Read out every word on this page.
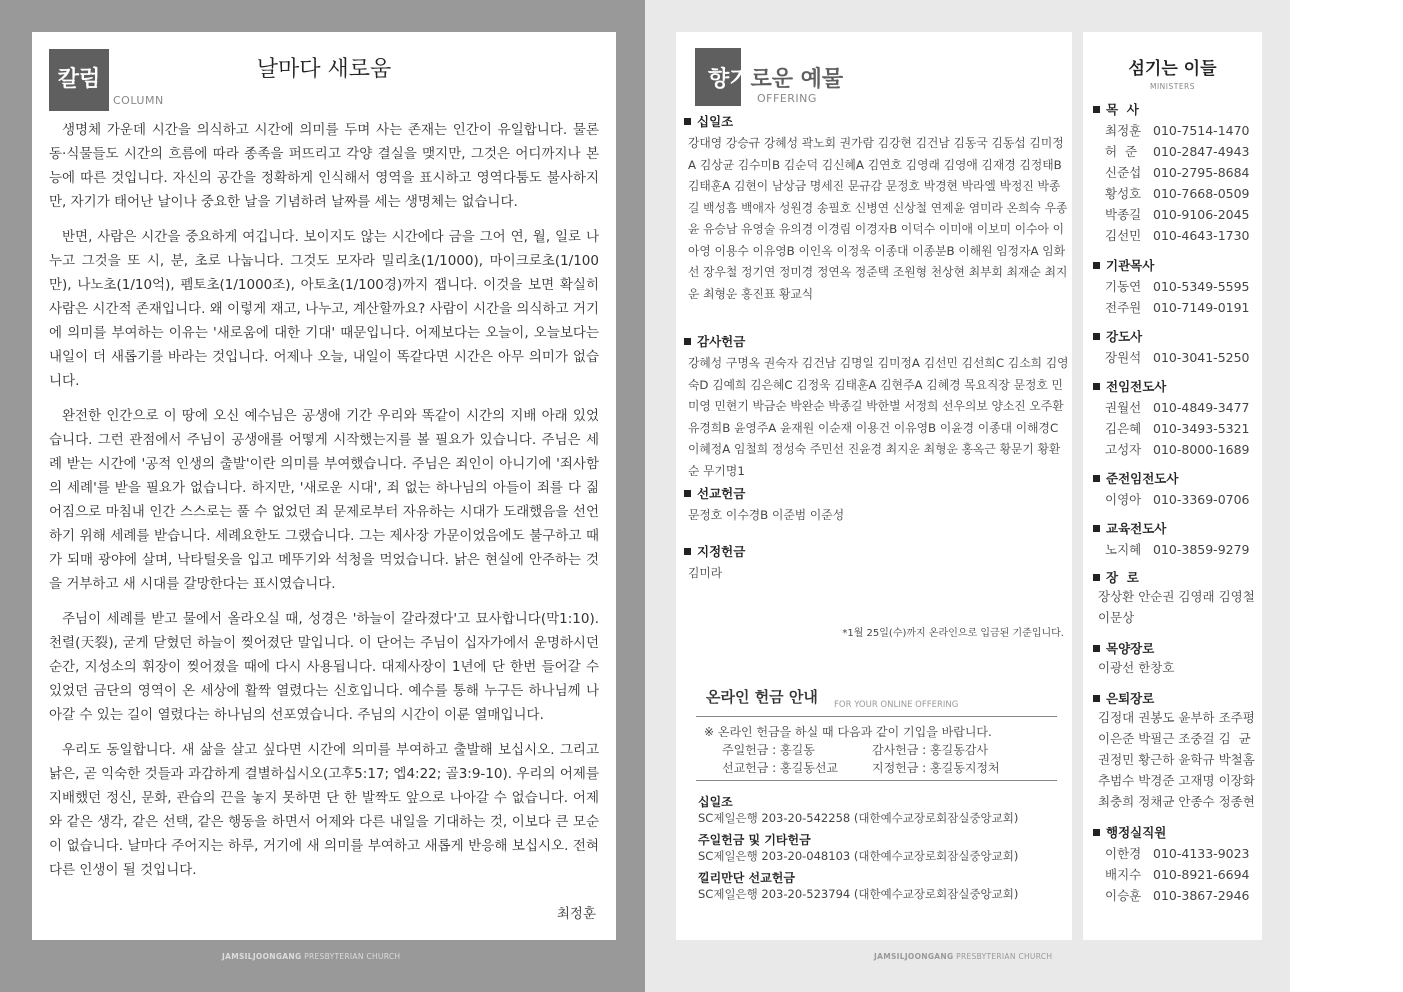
칼럼
COLUMN
날마다 새로움

생명체 가운데 시간을 의식하고 시간에 의미를 두며 사는 존재는 인간이 유일합니다. 물론 동·식물들도 시간의 흐름에 따라 종족을 퍼뜨리고 각양 결실을 맺지만, 그것은 어디까지나 본능에 따른 것입니다. 자신의 공간을 정확하게 인식해서 영역을 표시하고 영역다툼도 불사하지만, 자기가 태어난 날이나 중요한 날을 기념하려 날짜를 세는 생명체는 없습니다.

반면, 사람은 시간을 중요하게 여깁니다. 보이지도 않는 시간에다 금을 그어 연, 월, 일로 나누고 그것을 또 시, 분, 초로 나눕니다. 그것도 모자라 밀리초(1/1000), 마이크로초(1/100만), 나노초(1/10억), 펨토초(1/1000조), 아토초(1/100경)까지 잽니다. 이것을 보면 확실히 사람은 시간적 존재입니다. 왜 이렇게 재고, 나누고, 계산할까요? 사람이 시간을 의식하고 거기에 의미를 부여하는 이유는 '새로움에 대한 기대' 때문입니다. 어제보다는 오늘이, 오늘보다는 내일이 더 새롭기를 바라는 것입니다. 어제나 오늘, 내일이 똑같다면 시간은 아무 의미가 없습니다.

완전한 인간으로 이 땅에 오신 예수님은 공생애 기간 우리와 똑같이 시간의 지배 아래 있었습니다. 그런 관점에서 주님이 공생애를 어떻게 시작했는지를 볼 필요가 있습니다. 주님은 세례 받는 시간에 '공적 인생의 출발'이란 의미를 부여했습니다. 주님은 죄인이 아니기에 '죄사함의 세례'를 받을 필요가 없습니다. 하지만, '새로운 시대', 죄 없는 하나님의 아들이 죄를 다 짊어짐으로 마침내 인간 스스로는 풀 수 없었던 죄 문제로부터 자유하는 시대가 도래했음을 선언하기 위해 세례를 받습니다. 세례요한도 그랬습니다. 그는 제사장 가문이었음에도 불구하고 때가 되매 광야에 살며, 낙타털옷을 입고 메뚜기와 석청을 먹었습니다. 낡은 현실에 안주하는 것을 거부하고 새 시대를 갈망한다는 표시였습니다.

주님이 세례를 받고 물에서 올라오실 때, 성경은 '하늘이 갈라졌다'고 묘사합니다(막1:10). 천렬(天裂), 굳게 닫혔던 하늘이 찢어졌단 말입니다. 이 단어는 주님이 십자가에서 운명하시던 순간, 지성소의 휘장이 찢어졌을 때에 다시 사용됩니다. 대제사장이 1년에 단 한번 들어갈 수 있었던 금단의 영역이 온 세상에 활짝 열렸다는 신호입니다. 예수를 통해 누구든 하나님께 나아갈 수 있는 길이 열렸다는 하나님의 선포였습니다. 주님의 시간이 이룬 열매입니다.

우리도 동일합니다. 새 삶을 살고 싶다면 시간에 의미를 부여하고 출발해 보십시오. 그리고 낡은, 곧 익숙한 것들과 과감하게 결별하십시오(고후5:17; 엡4:22; 골3:9-10). 우리의 어제를 지배했던 정신, 문화, 관습의 끈을 놓지 못하면 단 한 발짝도 앞으로 나아갈 수 없습니다. 어제와 같은 생각, 같은 선택, 같은 행동을 하면서 어제와 다른 내일을 기대하는 것, 이보다 큰 모순이 없습니다. 날마다 주어지는 하루, 거기에 새 의미를 부여하고 새롭게 반응해 보십시오. 전혀 다른 인생이 될 것입니다.

최정훈
JAMSILJOONGANG PRESBYTERIAN CHURCH
향기로운 예물
OFFERING
십일조
강대영 강승규 강혜성 곽노회 권가람 김강현 김건남 김동국 김동섭 김미정A 김상균 김수미B 김순덕 김신혜A 김연호 김영래 김영애 김재경 김정태B 김태훈A 김현이 남상금 명세진 문규감 문정호 박경현 박라엘 박정진 박종길 백성흠 백애자 성원경 송필호 신병연 신상철 연제윤 염미라 온희숙 우종윤 유승남 유영술 유의경 이경림 이경자B 이덕수 이미애 이보미 이수아 이아영 이용수 이유영B 이인옥 이정욱 이종대 이종분B 이해원 임정자A 임화선 장우철 정기연 정미경 정연옥 정준택 조원형 천상현 최부회 최재순 최지운 최형운 홍진표 황교식
감사헌금
강혜성 구명옥 권숙자 김건남 김명일 김미정A 김선민 김선희C 김소희 김영숙D 김예희 김은혜C 김정욱 김태훈A 김현주A 김혜경 목요직장 문정호 민미영 민현기 박금순 박완순 박종길 박한별 서정희 선우의보 양소진 오주환 유경희B 윤영주A 윤재원 이순재 이용건 이유영B 이윤경 이종대 이해경C 이혜정A 임철희 정성숙 주민선 진윤경 최지운 최형운 홍옥근 황문기 황환순 무기명1
선교헌금
문정호 이수경B 이준범 이준성
지정헌금
김미라
*1월 25일(수)까지 온라인으로 입금된 기준입니다.
온라인 헌금 안내 FOR YOUR ONLINE OFFERING
※ 온라인 헌금을 하실 때 다음과 같이 기입을 바랍니다.
주일헌금 : 홍길동	감사헌금 : 홍길동감사
선교헌금 : 홍길동선교	지정헌금 : 홍길동지정처
십일조
SC제일은행 203-20-542258 (대한예수교장로회잠실중앙교회)
주일헌금 및 기타헌금
SC제일은행 203-20-048103 (대한예수교장로회잠실중앙교회)
낄리만단 선교헌금
SC제일은행 203-20-523794 (대한예수교장로회잠실중앙교회)
섬기는 이들
MINISTERS
목  사
최정훈 010-7514-1470
허  준 010-2847-4943
신준섭 010-2795-8684
황성호 010-7668-0509
박종길 010-9106-2045
김선민 010-4643-1730
기관목사
기동연 010-5349-5595
전주원 010-7149-0191
강도사
장원석 010-3041-5250
전임전도사
권월선 010-4849-3477
김은혜 010-3493-5321
고성자 010-8000-1689
준전임전도사
이영아 010-3369-0706
교육전도사
노지혜 010-3859-9279
장  로
장상환 안순권 김영래 김영철 이문상
목양장로
이광선 한창호
은퇴장로
김정대 권봉도 윤부하 조주평 이은준 박필근 조중걸 김  균 권정민 황근하 윤학규 박철홈 추범수 박경준 고재명 이장화 최충희 정채균 안종수 정종현
행정실직원
이한경 010-4133-9023
배지수 010-8921-6694
이승훈 010-3867-2946
JAMSILJOONGANG PRESBYTERIAN CHURCH
